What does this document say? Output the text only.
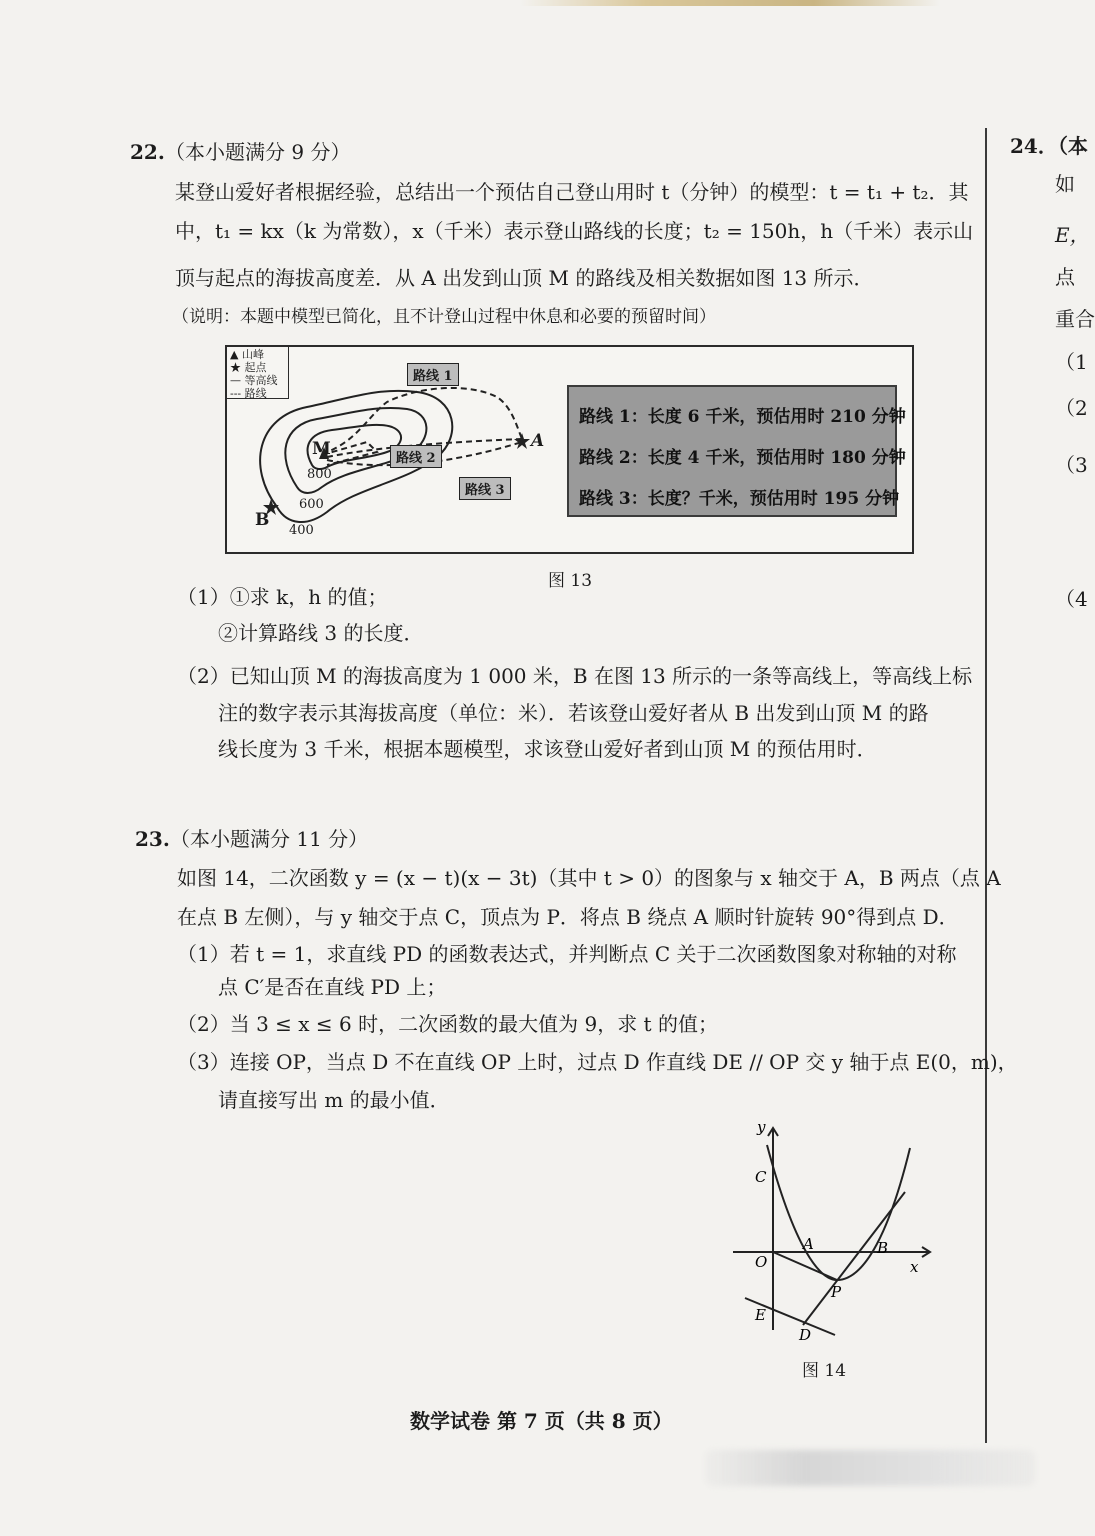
22. （本小题满分 9 分）
某登山爱好者根据经验，总结出一个预估自己登山用时 t（分钟）的模型：t = t₁ + t₂．其
中，t₁ = kx（k 为常数），x（千米）表示登山路线的长度；t₂ = 150h，h（千米）表示山
顶与起点的海拔高度差．从 A 出发到山顶 M 的路线及相关数据如图 13 所示．
（说明：本题中模型已简化，且不计登山过程中休息和必要的预留时间）
▲ 山峰
★ 起点
— 等高线
--- 路线
M	A
B
800
600
400
路线 1
路线 2
路线 3
路线 1：长度 6 千米，预估用时 210 分钟
路线 2：长度 4 千米，预估用时 180 分钟
路线 3：长度？千米，预估用时 195 分钟
图 13
（1）①求 k，h 的值；
②计算路线 3 的长度．
（2）已知山顶 M 的海拔高度为 1 000 米，B 在图 13 所示的一条等高线上，等高线上标
注的数字表示其海拔高度（单位：米）．若该登山爱好者从 B 出发到山顶 M 的路
线长度为 3 千米，根据本题模型，求该登山爱好者到山顶 M 的预估用时．
23. （本小题满分 11 分）
如图 14，二次函数 y = (x − t)(x − 3t)（其中 t > 0）的图象与 x 轴交于 A，B 两点（点 A
在点 B 左侧），与 y 轴交于点 C，顶点为 P．将点 B 绕点 A 顺时针旋转 90°得到点 D．
（1）若 t = 1，求直线 PD 的函数表达式，并判断点 C 关于二次函数图象对称轴的对称
点 C′是否在直线 PD 上；
（2）当 3 ≤ x ≤ 6 时，二次函数的最大值为 9，求 t 的值；
（3）连接 OP，当点 D 不在直线 OP 上时，过点 D 作直线 DE // OP 交 y 轴于点 E(0，m)，
请直接写出 m 的最小值．
y
x
O
C
A	B
P
E
D
图 14
24．（本
如
E，
点
重合
（1
（2
（3
（4
数学试卷 第 7 页（共 8 页）
